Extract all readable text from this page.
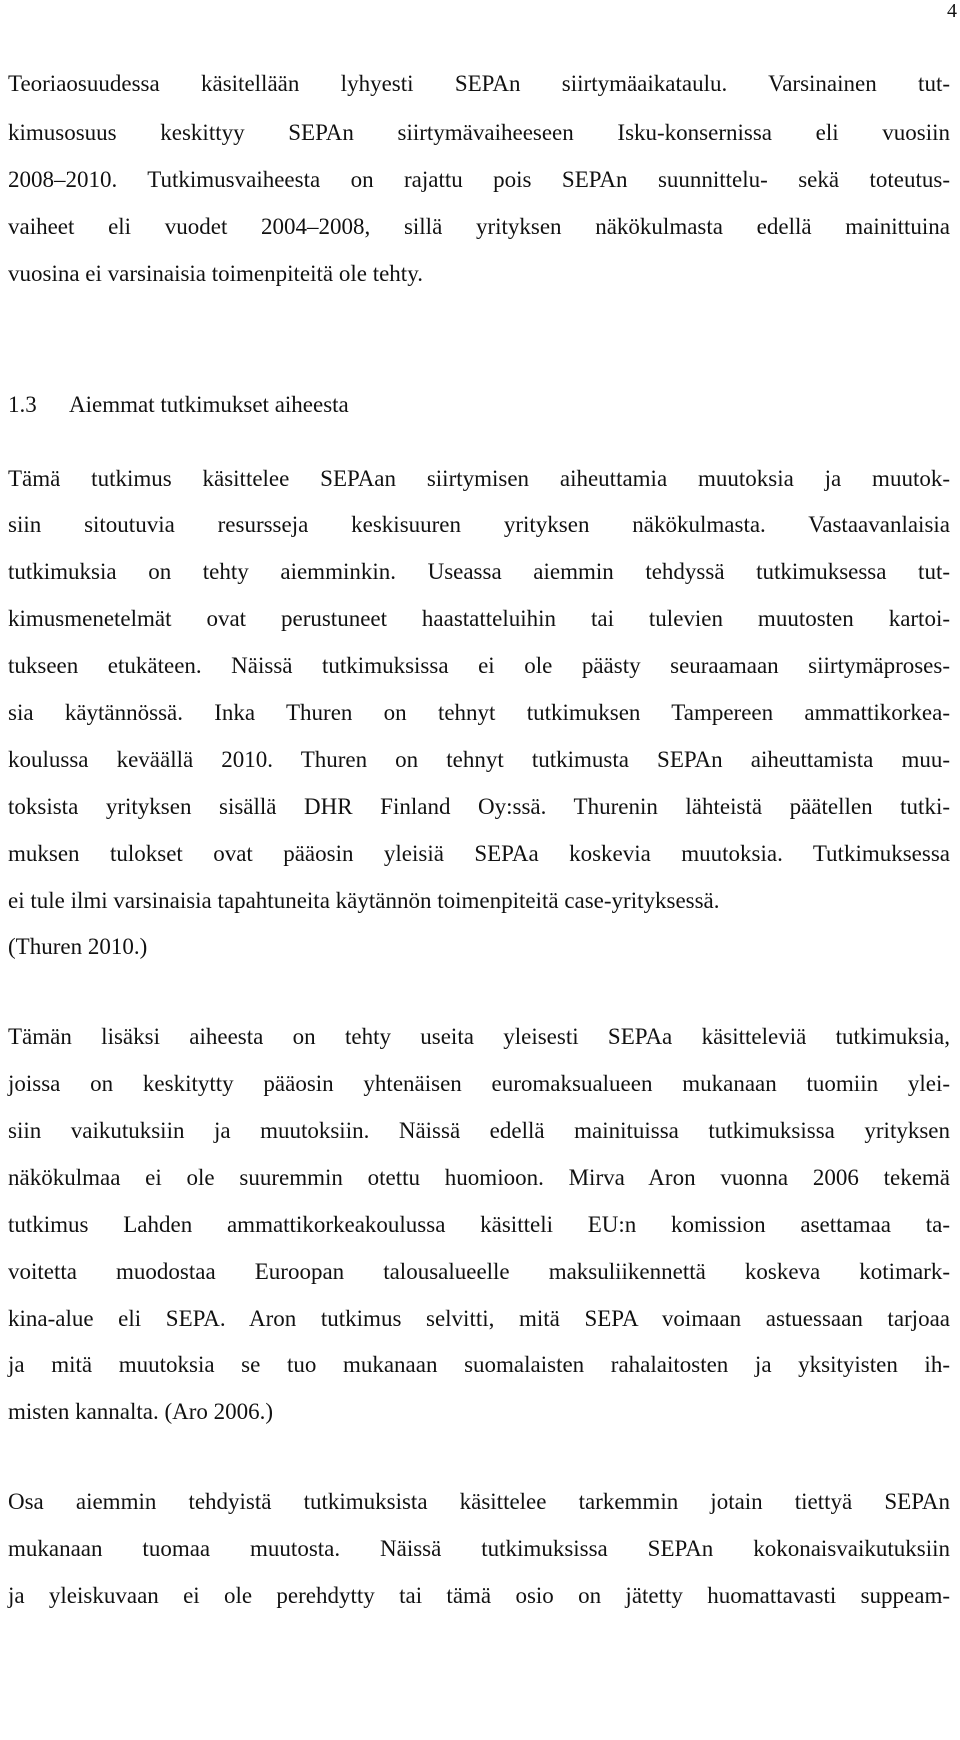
4
Teoriaosuudessa käsitellään lyhyesti SEPAn siirtymäaikataulu. Varsinainen tut-
kimusosuus keskittyy SEPAn siirtymävaiheeseen Isku-konsernissa eli vuosiin
2008–2010. Tutkimusvaiheesta on rajattu pois SEPAn suunnittelu- sekä toteutus-
vaiheet eli vuodet 2004–2008, sillä yrityksen näkökulmasta edellä mainittuina
vuosina ei varsinaisia toimenpiteitä ole tehty.
1.3 Aiemmat tutkimukset aiheesta
Tämä tutkimus käsittelee SEPAan siirtymisen aiheuttamia muutoksia ja muutok-
siin sitoutuvia resursseja keskisuuren yrityksen näkökulmasta. Vastaavanlaisia
tutkimuksia on tehty aiemminkin. Useassa aiemmin tehdyssä tutkimuksessa tut-
kimusmenetelmät ovat perustuneet haastatteluihin tai tulevien muutosten kartoi-
tukseen etukäteen. Näissä tutkimuksissa ei ole päästy seuraamaan siirtymäproses-
sia käytännössä. Inka Thuren on tehnyt tutkimuksen Tampereen ammattikorkea-
koulussa keväällä 2010. Thuren on tehnyt tutkimusta SEPAn aiheuttamista muu-
toksista yrityksen sisällä DHR Finland Oy:ssä. Thurenin lähteistä päätellen tutki-
muksen tulokset ovat pääosin yleisiä SEPAa koskevia muutoksia. Tutkimuksessa
ei tule ilmi varsinaisia tapahtuneita käytännön toimenpiteitä case-yrityksessä.
(Thuren 2010.)
Tämän lisäksi aiheesta on tehty useita yleisesti SEPAa käsitteleviä tutkimuksia,
joissa on keskitytty pääosin yhtenäisen euromaksualueen mukanaan tuomiin ylei-
siin vaikutuksiin ja muutoksiin. Näissä edellä mainituissa tutkimuksissa yrityksen
näkökulmaa ei ole suuremmin otettu huomioon. Mirva Aron vuonna 2006 tekemä
tutkimus Lahden ammattikorkeakoulussa käsitteli EU:n komission asettamaa ta-
voitetta muodostaa Euroopan talousalueelle maksuliikennettä koskeva kotimark-
kina-alue eli SEPA. Aron tutkimus selvitti, mitä SEPA voimaan astuessaan tarjoaa
ja mitä muutoksia se tuo mukanaan suomalaisten rahalaitosten ja yksityisten ih-
misten kannalta. (Aro 2006.)
Osa aiemmin tehdyistä tutkimuksista käsittelee tarkemmin jotain tiettyä SEPAn
mukanaan tuomaa muutosta. Näissä tutkimuksissa SEPAn kokonaisvaikutuksiin
ja yleiskuvaan ei ole perehdytty tai tämä osio on jätetty huomattavasti suppeam-
